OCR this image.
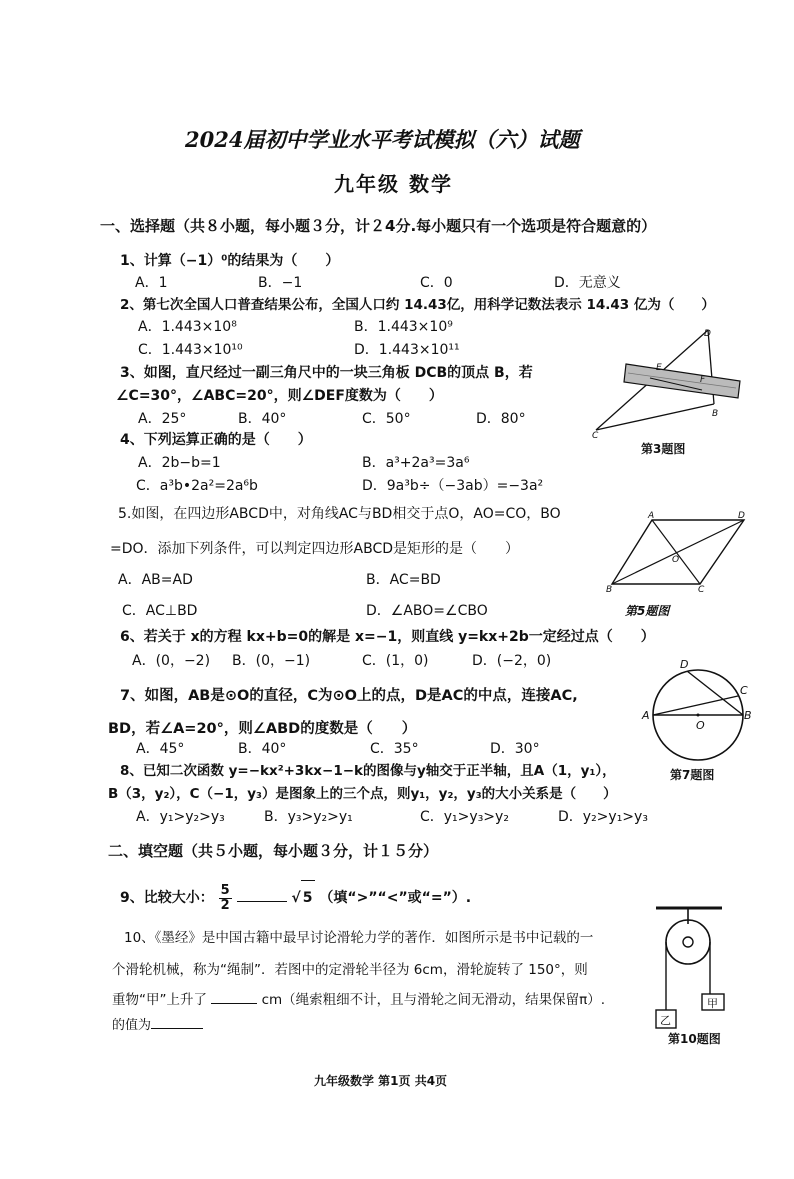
2024届初中学业水平考试模拟（六）试题
九年级 数学
一、选择题（共８小题，每小题３分，计２4分.每小题只有一个选项是符合题意的）
1、计算（−1）⁰的结果为（　　）
A．1	B．−1	C．0	D．无意义
2、第七次全国人口普查结果公布，全国人口约 14.43亿，用科学记数法表示 14.43 亿为（　　）
A．1.443×10⁸	B．1.443×10⁹
C．1.443×10¹⁰	D．1.443×10¹¹
3、如图，直尺经过一副三角尺中的一块三角板 DCB的顶点 B，若
∠C=30°，∠ABC=20°，则∠DEF度数为（　　）
A．25°	B．40°	C．50°	D．80°
D
E
F
C
B
第3题图
4、下列运算正确的是（　　）
A．2b−b=1	B．a³+2a³=3a⁶
C．a³b•2a²=2a⁶b	D．9a³b÷（−3ab）=−3a²
5.如图，在四边形ABCD中，对角线AC与BD相交于点O，AO=CO，BO
=DO．添加下列条件，可以判定四边形ABCD是矩形的是（　　）
A．AB=AD	B．AC=BD
C．AC⊥BD	D．∠ABO=∠CBO
A	D
B	C
O
第5题图
6、若关于 x的方程 kx+b=0的解是 x=−1，则直线 y=kx+2b一定经过点（　　）
A．(0，−2) B．(0，−1)	C．(1，0)	D．(−2，0)
7、如图，AB是⊙O的直径，C为⊙O上的点，D是AC的中点，连接AC,
BD，若∠A=20°，则∠ABD的度数是（　　）
A．45°	B．40°	C．35°	D．30°
D
C
A
O
B
第7题图
8、已知二次函数 y=−kx²+3kx−1−k的图像与y轴交于正半轴，且A（1，y₁），
B（3，y₂），C（−1，y₃）是图象上的三个点，则y₁，y₂，y₃的大小关系是（　　）
A．y₁>y₂>y₃	B．y₃>y₂>y₁	C．y₁>y₃>y₂	D．y₂>y₁>y₃
二、填空题（共５小题，每小题３分，计１５分）
9、比较大小： $\frac{5}{2}$	√ 5 （填“>”“<”或“=”）.
10、《墨经》是中国古籍中最早讨论滑轮力学的著作．如图所示是书中记载的一
个滑轮机械，称为“绳制”．若图中的定滑轮半径为 6cm，滑轮旋转了 150°，则
重物“甲”上升了	cm（绳索粗细不计，且与滑轮之间无滑动，结果保留π）.
的值为	乙
甲
第10题图
九年级数学 第1页 共4页
